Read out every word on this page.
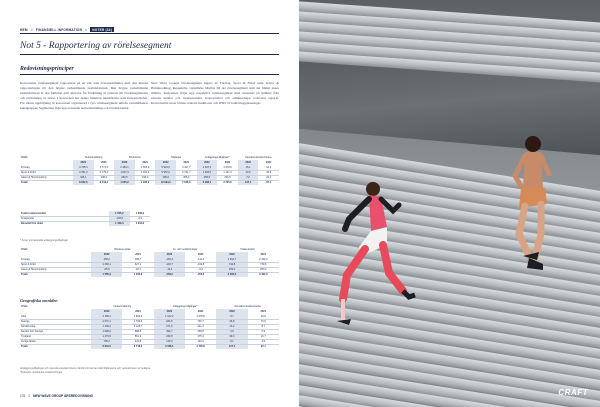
HEM // FINANSIELL INFORMATION //	NOTER (34)
Not 5 - Rapportering av rörelsesegment
Redovisningsprinciper
Koncernens rörelsesegment rapporteras på ett sätt som överensstämmer med den interna rapporteringen till den högste verkställande beslutsfattaren. Den högste verkställande beslutsfattaren är den funktion som ansvarar för fördelning av resurser till rörelsesegmenten och utvärdering av dessa. I koncernen har denna funktion identifierats som koncernchefen. För intern uppföljning är koncernen organiserad i fyra rörelsesegment utifrån varumärkenas kundgrupper. Segmenten följs upp avseende nettoomsättning och rörelseresultat.
New Wave Groups rörelsesegment utgörs av Företag, Sport & Fritid samt Gåvor & Heminredning. Respektive varumärke hänförs till det rörelsesegment som det främst anses tillhöra. Koncernen följer upp respektive rörelsesegment med avseende på intäkter från externa kunder och rörelseresultat. Koncernstöd och elimineringar redovisas separat. Koncernstöd avser främst centrala funktioner och IFRS 16 bokföringsjusteringar.
MSEK	Nettoomsättning		Bruttovinst		Tillgångar		Anläggnings-tillgångar*		Operativa skulder/rörelse	
	2022	2021	2022	2021	2022	2021	2022	2021	2022	2021
Företag	4 735,3	3 771,4	2 150,1	1 663,0	5 916,6	4 427,7	1 397,3	1 378,6	15,1	16,3
Sport & Fritid	3 781,3	2 779,3	1 847,3	1 464,4	5 957,0	2 741,7	1 528,5	1 117,4	40,5	45,9
Gåvor & Heminredning	326,1	198,6	263,5	198,0	496,9	455,4	258,9	226,6	7,0	20,4
Totalt	8 842,6	6 718,4	1 555,2	1 935,0	10 994,3	7 648,6	3 188,1	2 735,6	127,1	97,1
Totalt rörelseresultat	1 555,2	1 095,9
Finansnetto	-103,9	-0,5
Resultat före skatt	1 449,3	1 062,9
* Avser immateriella anläggningstillgångar
MSEK	Rörelseresultat		Av- och nedskrivningar		Totala skulder	
	2022	2021	2022	2021	2022	2021
Företag	455,2	489,7	-145,3	-141,4	2 452,7	2 499,3
Sport & Fritid	1 066,1	627,1	-103,7	-102,8	744,8	739,6
Gåvor & Heminredning	-65,9	-18,7	-10,0	-9,4	159,0	253,4
Totalt	1 555,2	1 095,9	-259,0	-253,6	3 356,5	3 492,3
Geografiska områden
MSEK	Nettoomsättning		Anläggnings-tillgångar*		Operativa skulder/rörelse	
	2022	2021	2022	2021	2022	2021
USA	2 189,1	1 809,0	1 102,2	1 078,8	8,7	18,8
Sverige	2 070,1	1 764,5	934,5	730,7	26,8	70,6
Nordamerika	1 439,2	1 123,7	271,9	241,3	13,2	8,7
Norden och Sverige	1 698,6	898,6	494,7	439,5	0,9	0,9
Tyskland	1 479,5	861,9	232,8	175,4	69,3	10,7
Övriga länder	795,2	441,8	129,3	140,0	8,1	3,9
Totalt	8 842,6	6 718,4	3 188,1	2 735,6	127,1	97,1
Anläggningstillgångar och operativa skulder/rörelse hänförs till det land där tillgångarna och verksamheten är belägna.
*Exklusive uppskjutna skattefordringar.
176 // NEW WAVE GROUP ÅRSREDOVISNING	CRAFT
